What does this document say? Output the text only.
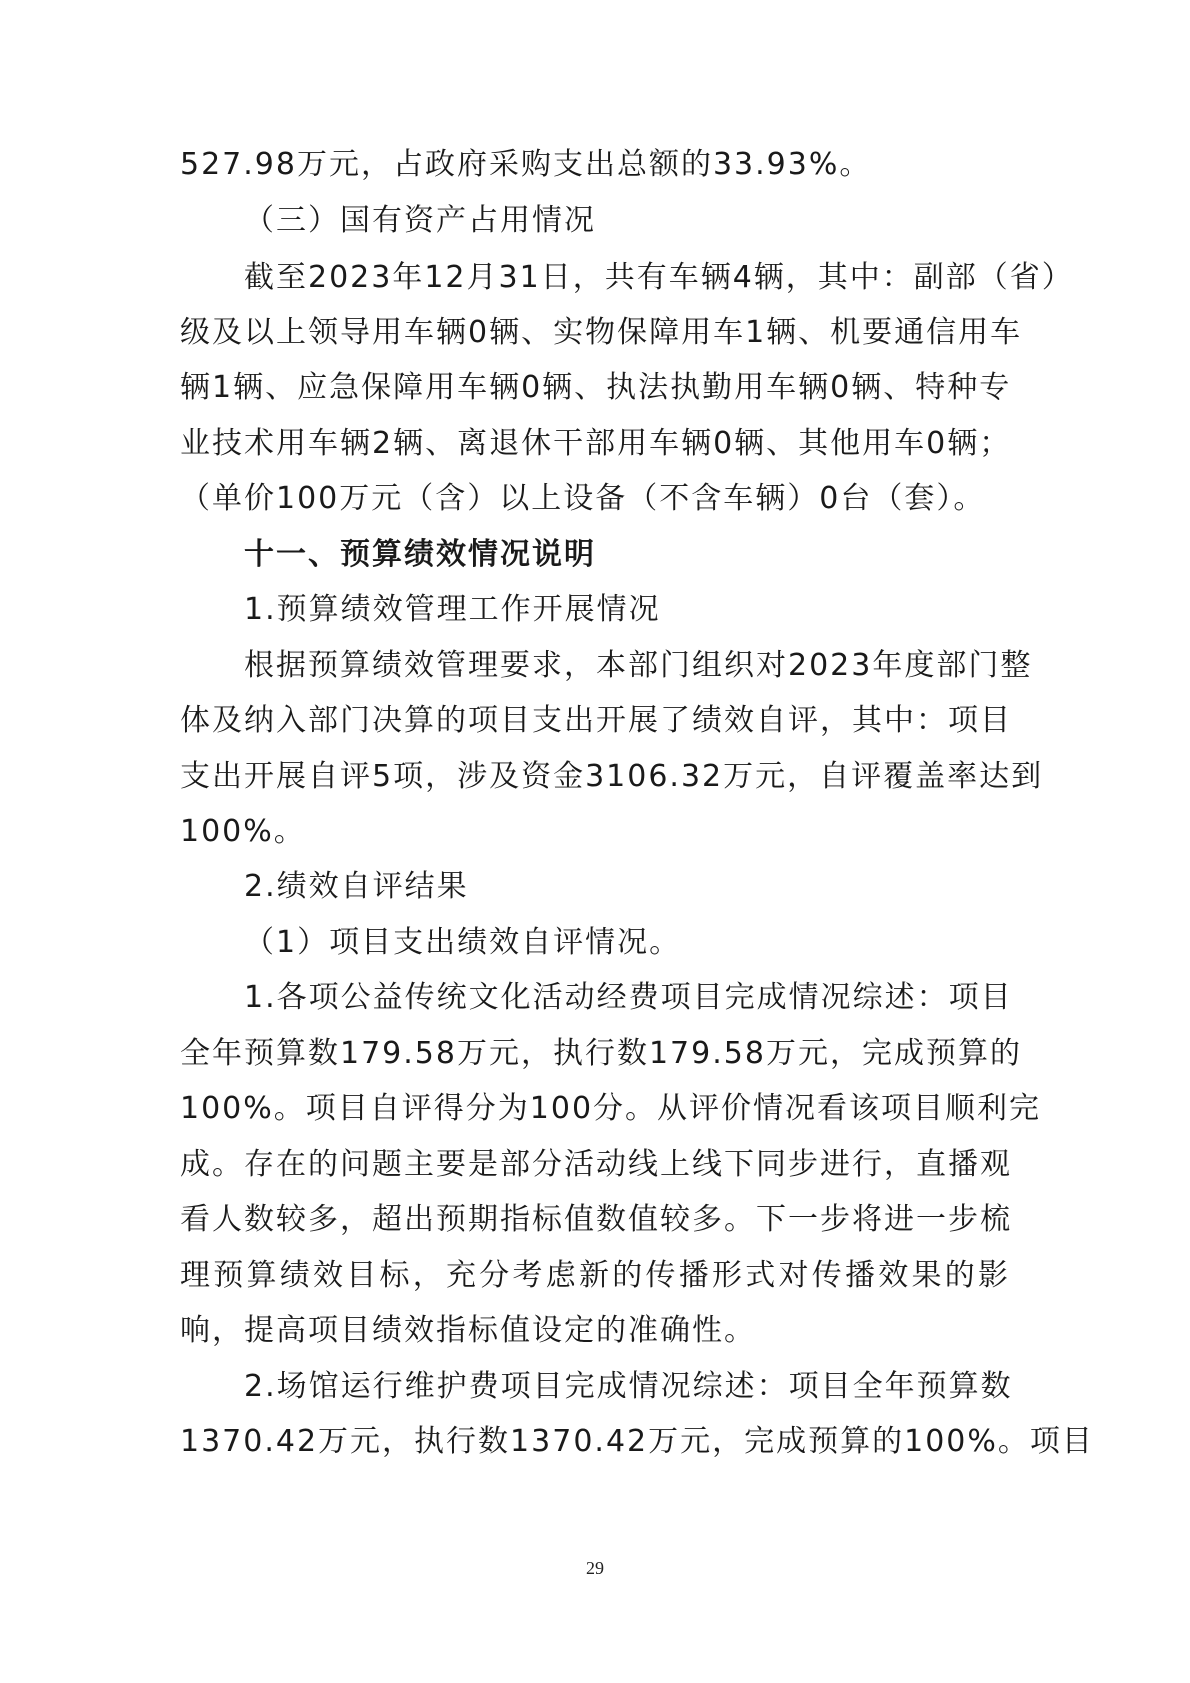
527.98万元，占政府采购支出总额的33.93%。
（三）国有资产占用情况
截至2023年12月31日，共有车辆4辆，其中：副部（省）
级及以上领导用车辆0辆、实物保障用车1辆、机要通信用车
辆1辆、应急保障用车辆0辆、执法执勤用车辆0辆、特种专
业技术用车辆2辆、离退休干部用车辆0辆、其他用车0辆；
（单价100万元（含）以上设备（不含车辆）0台（套）。
十一、预算绩效情况说明
1.预算绩效管理工作开展情况
根据预算绩效管理要求，本部门组织对2023年度部门整
体及纳入部门决算的项目支出开展了绩效自评，其中：项目
支出开展自评5项，涉及资金3106.32万元，自评覆盖率达到
100%。
2.绩效自评结果
（1）项目支出绩效自评情况。
1.各项公益传统文化活动经费项目完成情况综述：项目
全年预算数179.58万元，执行数179.58万元，完成预算的
100%。项目自评得分为100分。从评价情况看该项目顺利完
成。存在的问题主要是部分活动线上线下同步进行，直播观
看人数较多，超出预期指标值数值较多。下一步将进一步梳
理预算绩效目标，充分考虑新的传播形式对传播效果的影
响，提高项目绩效指标值设定的准确性。
2.场馆运行维护费项目完成情况综述：项目全年预算数
1370.42万元，执行数1370.42万元，完成预算的100%。项目
29
